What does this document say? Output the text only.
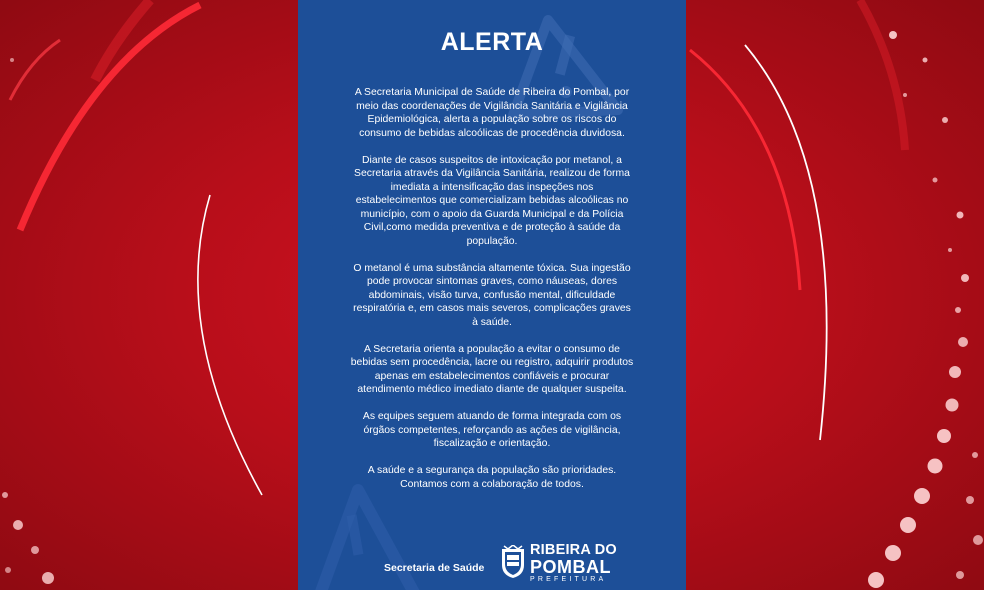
ALERTA

A Secretaria Municipal de Saúde de Ribeira do Pombal, por meio das coordenações de Vigilância Sanitária e Vigilância Epidemiológica, alerta a população sobre os riscos do consumo de bebidas alcoólicas de procedência duvidosa.

Diante de casos suspeitos de intoxicação por metanol, a Secretaria através da Vigilância Sanitária, realizou de forma imediata a intensificação das inspeções nos estabelecimentos que comercializam bebidas alcoólicas no município, com o apoio da Guarda Municipal e da Polícia Civil,como medida preventiva e de proteção à saúde da população.

O metanol é uma substância altamente tóxica. Sua ingestão pode provocar sintomas graves, como náuseas, dores abdominais, visão turva, confusão mental, dificuldade respiratória e, em casos mais severos, complicações graves à saúde.

A Secretaria orienta a população a evitar o consumo de bebidas sem procedência, lacre ou registro, adquirir produtos apenas em estabelecimentos confiáveis e procurar atendimento médico imediato diante de qualquer suspeita.

As equipes seguem atuando de forma integrada com os órgãos competentes, reforçando as ações de vigilância, fiscalização e orientação.

A saúde e a segurança da população são prioridades. Contamos com a colaboração de todos.

Secretaria de Saúde
RIBEIRA DO
POMBAL
PREFEITURA
